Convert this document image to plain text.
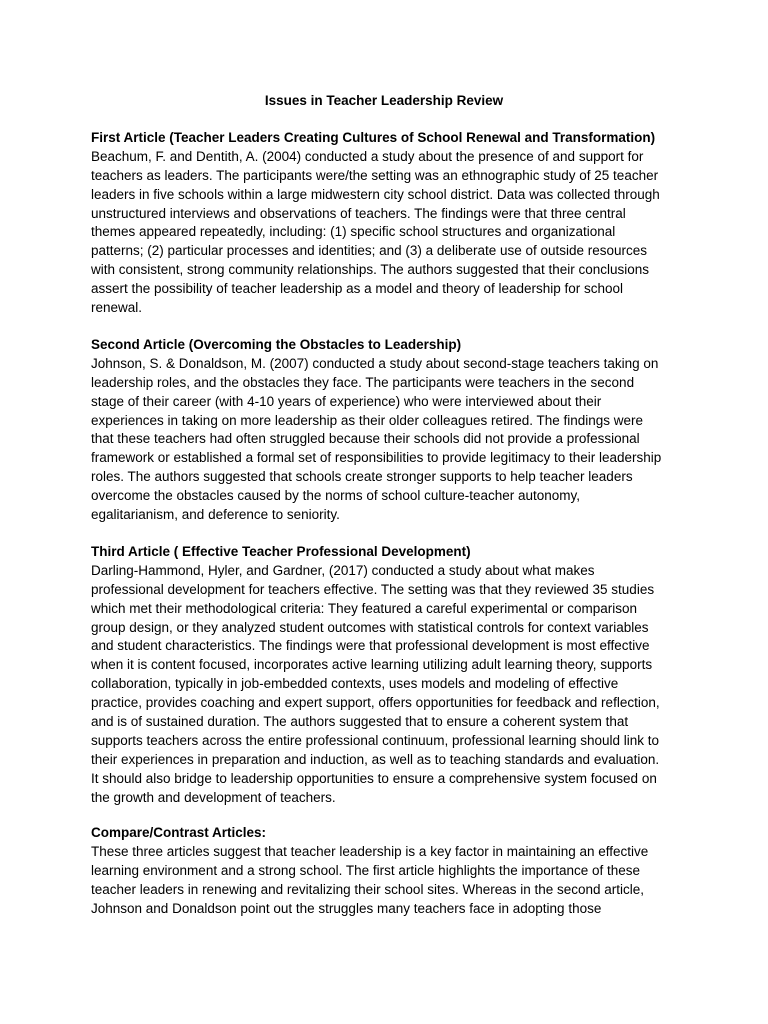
Issues in Teacher Leadership Review
First Article (Teacher Leaders Creating Cultures of School Renewal and Transformation)
Beachum, F. and Dentith, A. (2004) conducted a study about the presence of and support for
teachers as leaders. The participants were/the setting was an ethnographic study of 25 teacher
leaders in five schools within a large midwestern city school district. Data was collected through
unstructured interviews and observations of teachers. The findings were that three central
themes appeared repeatedly, including: (1) specific school structures and organizational
patterns; (2) particular processes and identities; and (3) a deliberate use of outside resources
with consistent, strong community relationships. The authors suggested that their conclusions
assert the possibility of teacher leadership as a model and theory of leadership for school
renewal.
Second Article (Overcoming the Obstacles to Leadership)
Johnson, S. & Donaldson, M. (2007) conducted a study about second-stage teachers taking on
leadership roles, and the obstacles they face. The participants were teachers in the second
stage of their career (with 4-10 years of experience) who were interviewed about their
experiences in taking on more leadership as their older colleagues retired. The findings were
that these teachers had often struggled because their schools did not provide a professional
framework or established a formal set of responsibilities to provide legitimacy to their leadership
roles. The authors suggested that schools create stronger supports to help teacher leaders
overcome the obstacles caused by the norms of school culture-teacher autonomy,
egalitarianism, and deference to seniority.
Third Article ( Effective Teacher Professional Development)
Darling-Hammond, Hyler, and Gardner, (2017) conducted a study about what makes
professional development for teachers effective. The setting was that they reviewed 35 studies
which met their methodological criteria: They featured a careful experimental or comparison
group design, or they analyzed student outcomes with statistical controls for context variables
and student characteristics. The findings were that professional development is most effective
when it is content focused, incorporates active learning utilizing adult learning theory, supports
collaboration, typically in job-embedded contexts, uses models and modeling of effective
practice, provides coaching and expert support, offers opportunities for feedback and reflection,
and is of sustained duration. The authors suggested that to ensure a coherent system that
supports teachers across the entire professional continuum, professional learning should link to
their experiences in preparation and induction, as well as to teaching standards and evaluation.
It should also bridge to leadership opportunities to ensure a comprehensive system focused on
the growth and development of teachers.
Compare/Contrast Articles:
These three articles suggest that teacher leadership is a key factor in maintaining an effective
learning environment and a strong school. The first article highlights the importance of these
teacher leaders in renewing and revitalizing their school sites. Whereas in the second article,
Johnson and Donaldson point out the struggles many teachers face in adopting those
